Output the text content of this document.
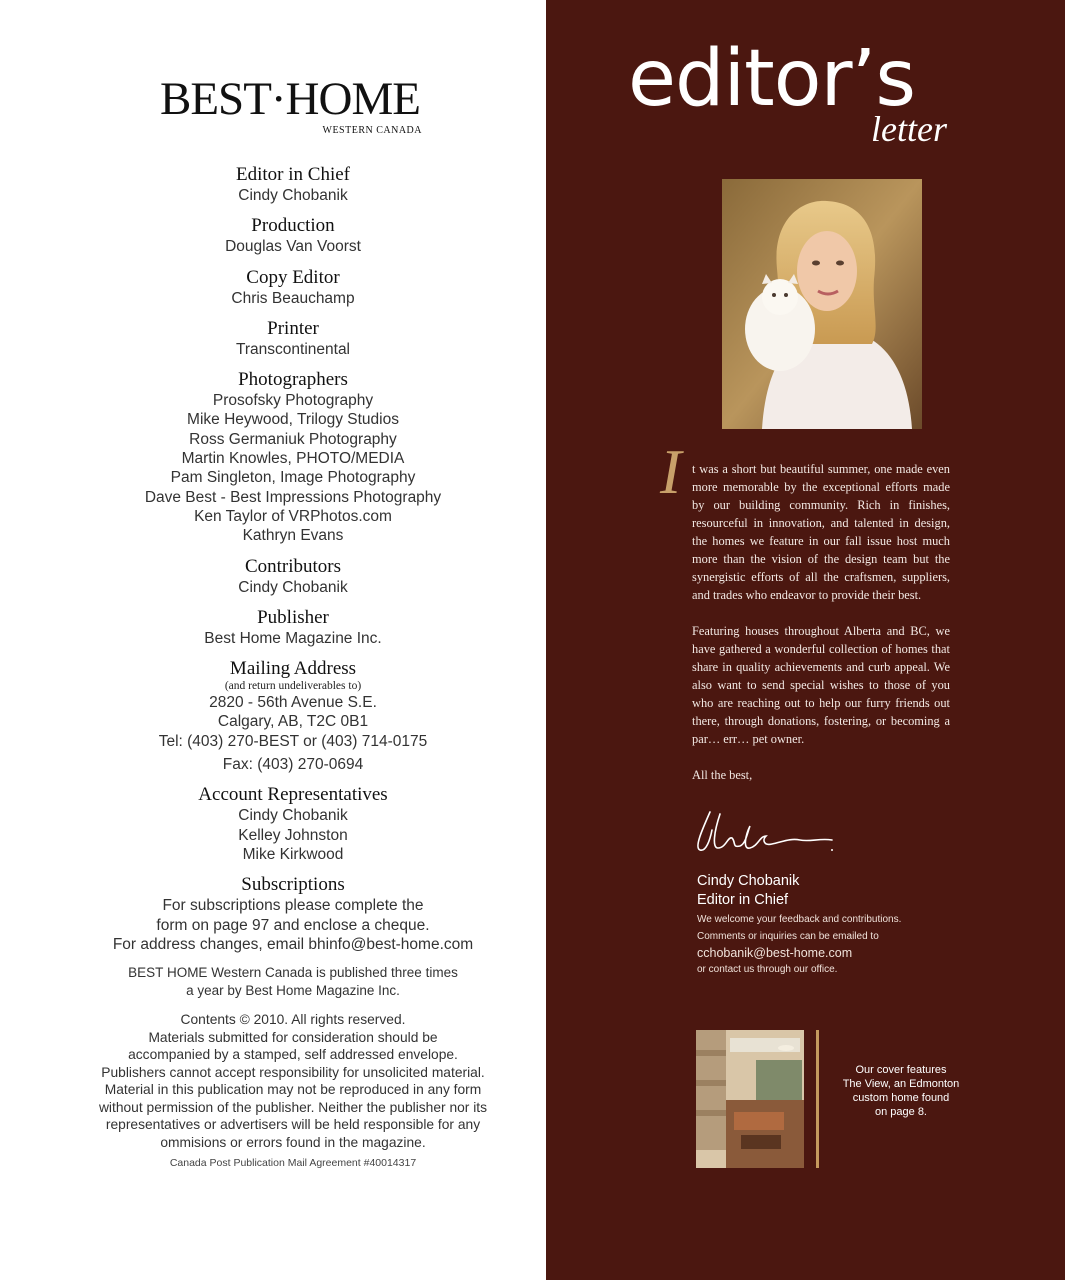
BEST·HOME
WESTERN CANADA
Editor in Chief
Cindy Chobanik
Production
Douglas Van Voorst
Copy Editor
Chris Beauchamp
Printer
Transcontinental
Photographers
Prosofsky Photography
Mike Heywood, Trilogy Studios
Ross Germaniuk Photography
Martin Knowles, PHOTO/MEDIA
Pam Singleton, Image Photography
Dave Best - Best Impressions Photography
Ken Taylor of VRPhotos.com
Kathryn Evans
Contributors
Cindy Chobanik
Publisher
Best Home Magazine Inc.
Mailing Address
(and return undeliverables to)
2820 - 56th Avenue S.E.
Calgary, AB, T2C 0B1
Tel: (403) 270-BEST or (403) 714-0175
Fax: (403) 270-0694
Account Representatives
Cindy Chobanik
Kelley Johnston
Mike Kirkwood
Subscriptions
For subscriptions please complete the
form on page 97 and enclose a cheque.
For address changes, email bhinfo@best-home.com
BEST HOME Western Canada is published three times
a year by Best Home Magazine Inc.
Contents © 2010. All rights reserved.
Materials submitted for consideration should be
accompanied by a stamped, self addressed envelope.
Publishers cannot accept responsibility for unsolicited material.
Material in this publication may not be reproduced in any form
without permission of the publisher. Neither the publisher nor its
representatives or advertisers will be held responsible for any
ommisions or errors found in the magazine.
Canada Post Publication Mail Agreement #40014317
editor’s
letter
I t was a short but beautiful summer, one made even more memorable by the exceptional efforts made by our building community. Rich in finishes, resourceful in innovation, and talented in design, the homes we feature in our fall issue host much more than the vision of the design team but the synergistic efforts of all the craftsmen, suppliers, and trades who endeavor to provide their best.

Featuring houses throughout Alberta and BC, we have gathered a wonderful collection of homes that share in quality achievements and curb appeal. We also want to send special wishes to those of you who are reaching out to help our furry friends out there, through donations, fostering, or becoming a par… err… pet owner.

All the best,

Cindy Chobanik
Editor in Chief
We welcome your feedback and contributions.
Comments or inquiries can be emailed to
cchobanik@best-home.com
or contact us through our office.
Our cover features
The View, an Edmonton
custom home found
on page 8.
